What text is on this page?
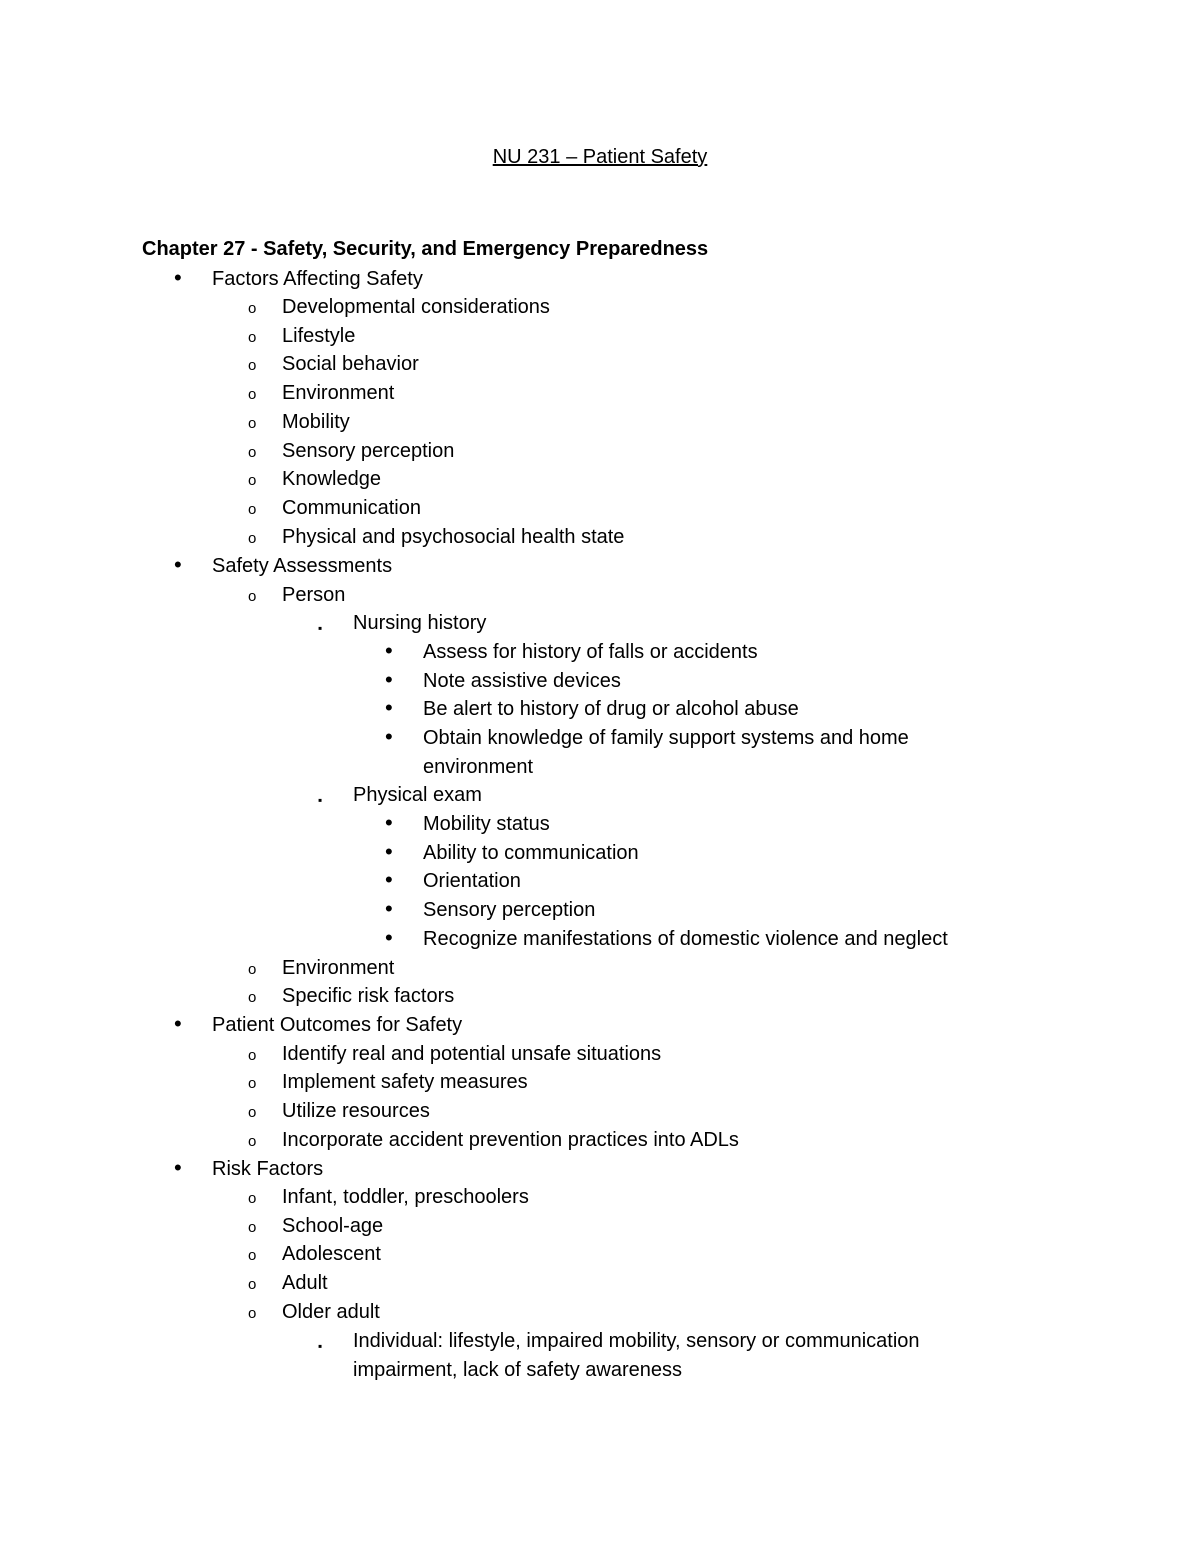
NU 231 – Patient Safety
Chapter 27 - Safety, Security, and Emergency Preparedness
• Factors Affecting Safety
o Developmental considerations
o Lifestyle
o Social behavior
o Environment
o Mobility
o Sensory perception
o Knowledge
o Communication
o Physical and psychosocial health state
• Safety Assessments
o Person
▪ Nursing history
• Assess for history of falls or accidents
• Note assistive devices
• Be alert to history of drug or alcohol abuse
• Obtain knowledge of family support systems and home
environment
▪ Physical exam
• Mobility status
• Ability to communication
• Orientation
• Sensory perception
• Recognize manifestations of domestic violence and neglect
o Environment
o Specific risk factors
• Patient Outcomes for Safety
o Identify real and potential unsafe situations
o Implement safety measures
o Utilize resources
o Incorporate accident prevention practices into ADLs
• Risk Factors
o Infant, toddler, preschoolers
o School-age
o Adolescent
o Adult
o Older adult
▪ Individual: lifestyle, impaired mobility, sensory or communication
impairment, lack of safety awareness
